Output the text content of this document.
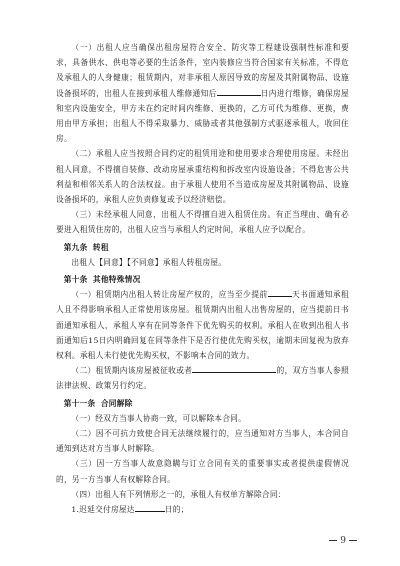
（一）出租人应当确保出租房屋符合安全、防灾等工程建设强制性标准和要求，具备供水、供电等必要的生活条件，室内装修应当符合国家有关标准，不得危及承租人的人身健康；租赁期内，对非承租人原因导致的房屋及其附属物品、设施设备损坏的，出租人在接到承租人维修通知后	日内进行维修，确保房屋和室内设施安全，甲方未在约定时间内维修、更换的，乙方可代为维修、更换，费用由甲方承担；出租人不得采取暴力、威胁或者其他强制方式驱逐承租人，收回住房。

（二）承租人应当按照合同约定的租赁用途和使用要求合理使用房屋。未经出租人同意，不得擅自装修、改动房屋承重结构和拆改室内设施设备；不得危害公共利益和相邻关系人的合法权益。由于承租人使用不当造成房屋及其附属物品、设施设备损坏的，承租人应负责修复或予以经济赔偿。

（三）未经承租人同意，出租人不得擅自进入租赁住房。有正当理由、确有必要进入租赁住房的，出租人应当与承租人约定时间，承租人应予以配合。

第九条 转租

出租人【同意】【不同意】承租人转租房屋。

第十条 其他特殊情况

（一）租赁期内出租人转让房屋产权的，应当至少提前	天书面通知承租人且不得影响承租人正常使用该房屋。租赁期内出租人出售房屋的，应当提前日书面通知承租人，承租人享有在同等条件下优先购买的权利。承租人在收到出租人书面通知后15日内明确回复在同等条件下是否行使优先购买权，逾期未回复视为放弃权利。承租人未行使优先购买权，不影响本合同的效力。

（二）租赁期内该房屋被征收或者	的，双方当事人参照法律法规、政策另行约定。

第十一条 合同解除

（一）经双方当事人协商一致，可以解除本合同。

（二）因不可抗力致使合同无法继续履行的，应当通知对方当事人，本合同自通知到达对方当事人时解除。

（三）因一方当事人故意隐瞒与订立合同有关的重要事实或者提供虚假情况的，另一方当事人有权解除合同。

（四）出租人有下列情形之一的，承租人有权单方解除合同：

1.迟延交付房屋达	日的；

9
